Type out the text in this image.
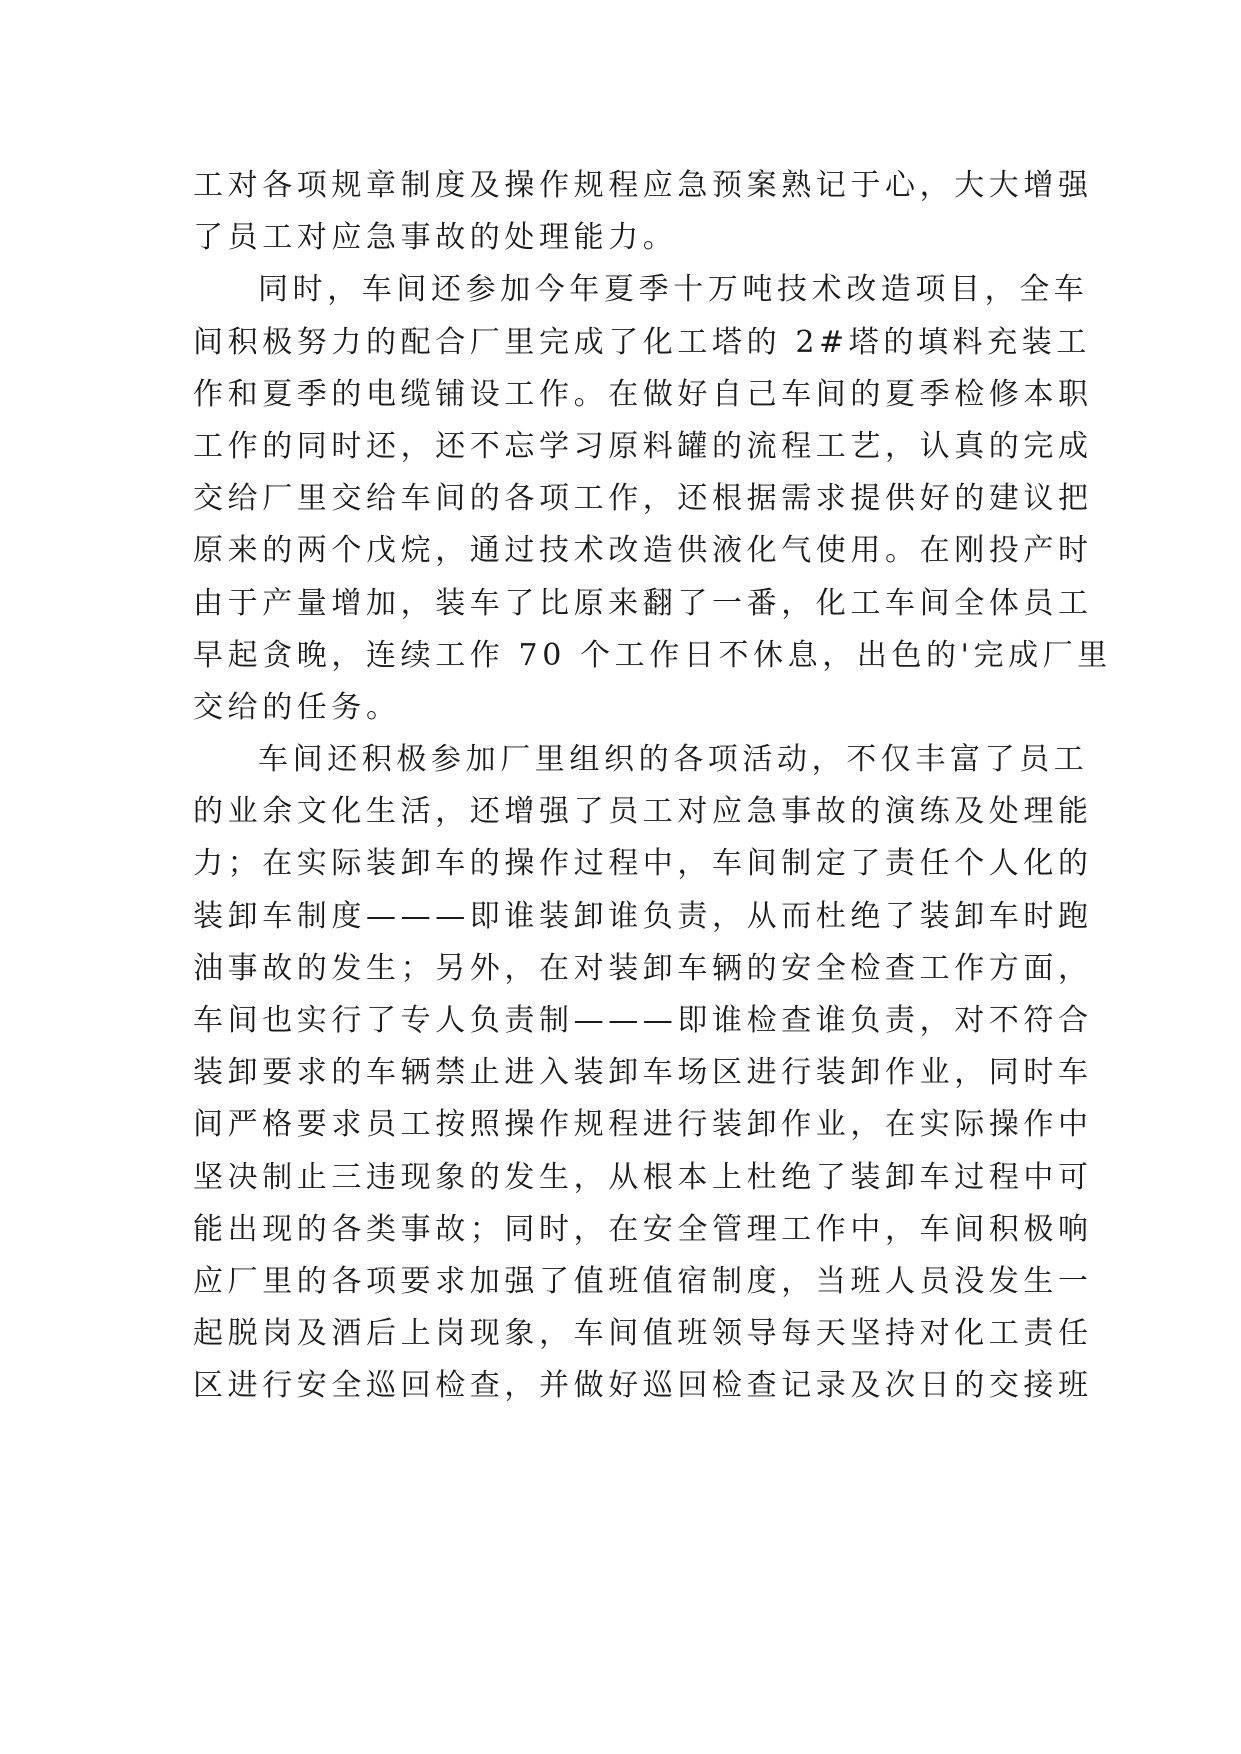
工对各项规章制度及操作规程应急预案熟记于心，大大增强
了员工对应急事故的处理能力。
同时，车间还参加今年夏季十万吨技术改造项目，全车
间积极努力的配合厂里完成了化工塔的 2#塔的填料充装工
作和夏季的电缆铺设工作。在做好自己车间的夏季检修本职
工作的同时还，还不忘学习原料罐的流程工艺，认真的完成
交给厂里交给车间的各项工作，还根据需求提供好的建议把
原来的两个戊烷，通过技术改造供液化气使用。在刚投产时
由于产量增加，装车了比原来翻了一番，化工车间全体员工
早起贪晚，连续工作 70 个工作日不休息，出色的'完成厂里
交给的任务。
车间还积极参加厂里组织的各项活动，不仅丰富了员工
的业余文化生活，还增强了员工对应急事故的演练及处理能
力；在实际装卸车的操作过程中，车间制定了责任个人化的
装卸车制度———即谁装卸谁负责，从而杜绝了装卸车时跑
油事故的发生；另外，在对装卸车辆的安全检查工作方面，
车间也实行了专人负责制———即谁检查谁负责，对不符合
装卸要求的车辆禁止进入装卸车场区进行装卸作业，同时车
间严格要求员工按照操作规程进行装卸作业，在实际操作中
坚决制止三违现象的发生，从根本上杜绝了装卸车过程中可
能出现的各类事故；同时，在安全管理工作中，车间积极响
应厂里的各项要求加强了值班值宿制度，当班人员没发生一
起脱岗及酒后上岗现象，车间值班领导每天坚持对化工责任
区进行安全巡回检查，并做好巡回检查记录及次日的交接班
